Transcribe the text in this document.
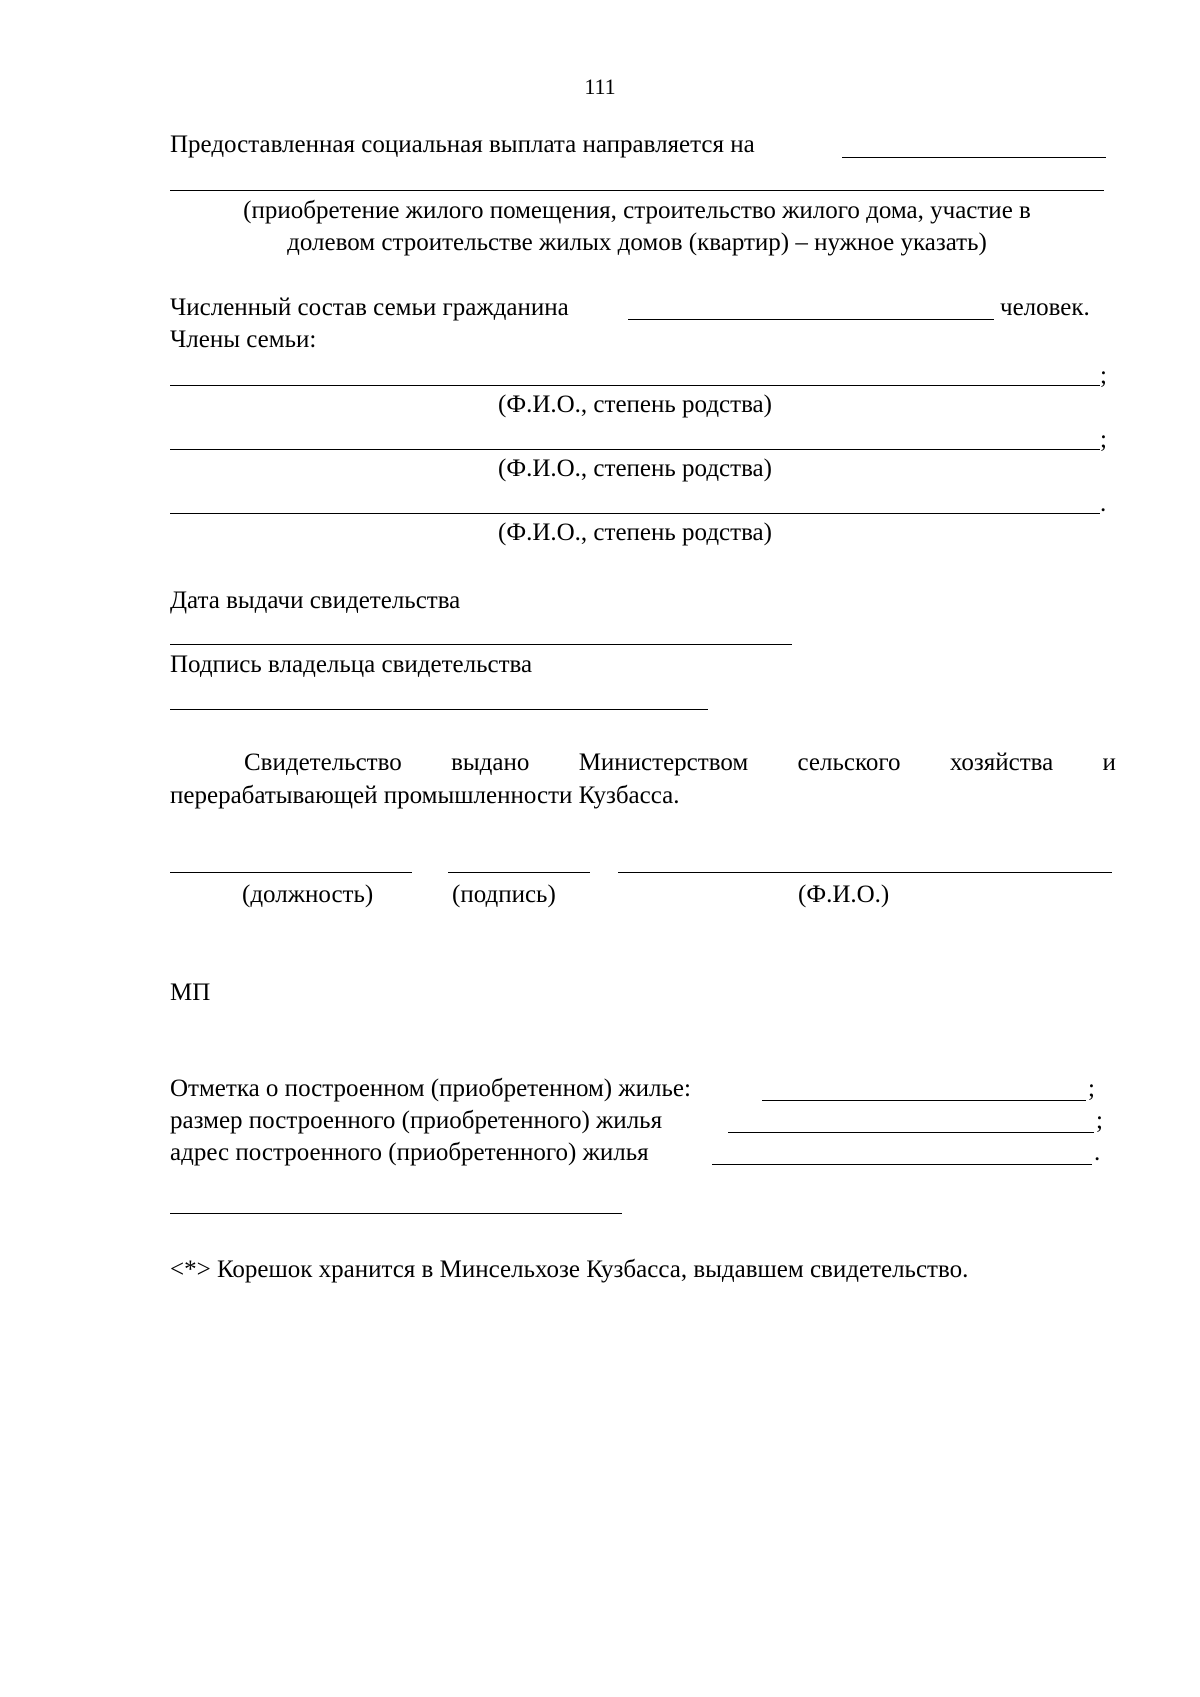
111
Предоставленная социальная выплата направляется на
(приобретение жилого помещения, строительство жилого дома, участие в
долевом строительстве жилых домов (квартир) – нужное указать)
Численный состав семьи гражданина	человек.
Члены семьи:
;
(Ф.И.О., степень родства)
;
(Ф.И.О., степень родства)
.
(Ф.И.О., степень родства)
Дата выдачи свидетельства
Подпись владельца свидетельства
Свидетельство выдано Министерством сельского хозяйства и
перерабатывающей промышленности Кузбасса.
(должность)	(подпись)	(Ф.И.О.)
МП
Отметка о построенном (приобретенном) жилье:	;
размер построенного (приобретенного) жилья	;
адрес построенного (приобретенного) жилья	.
<*> Корешок хранится в Минсельхозе Кузбасса, выдавшем свидетельство.
